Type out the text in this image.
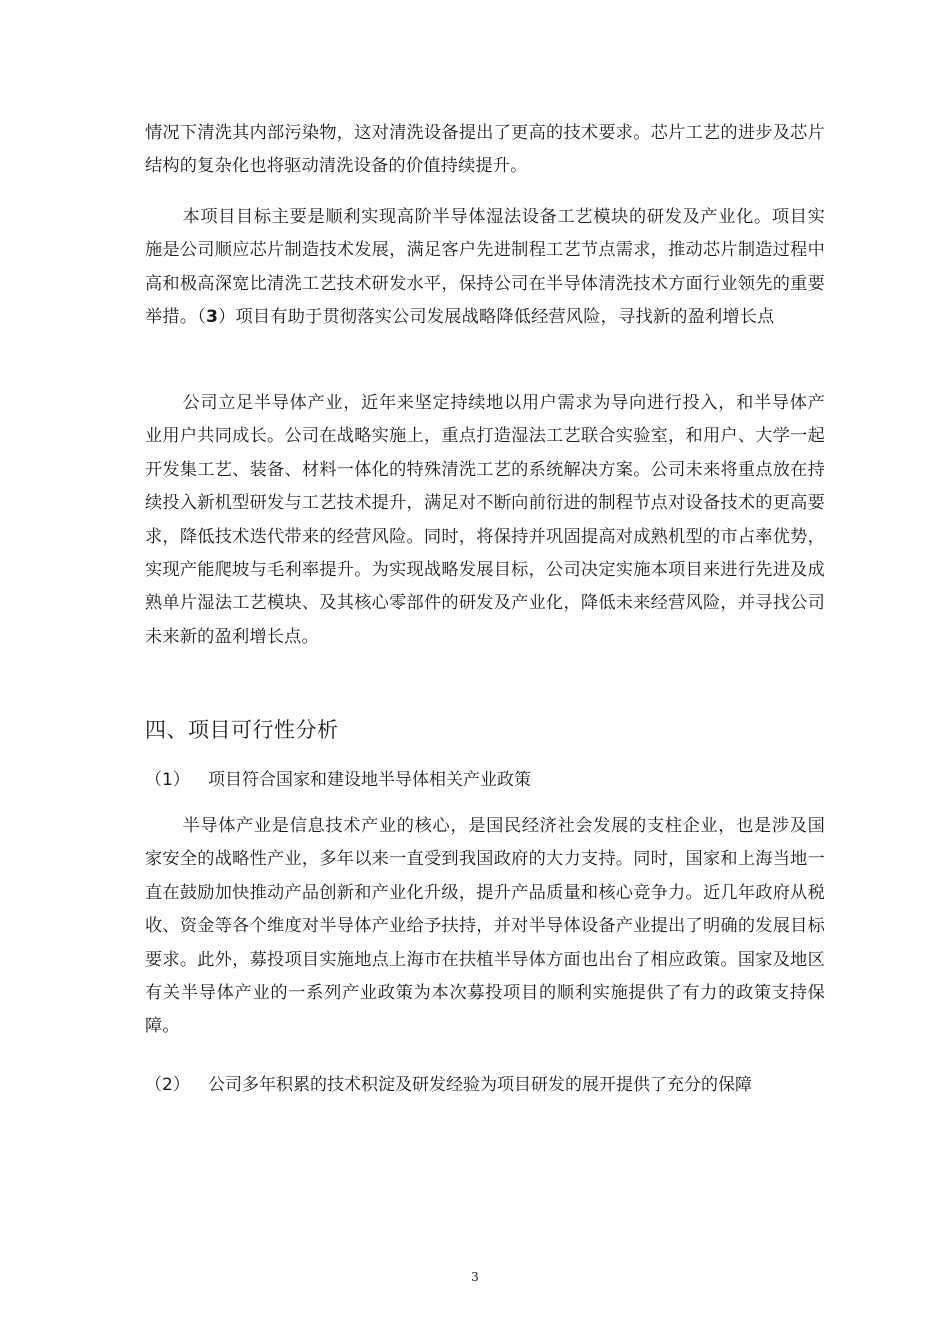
情况下清洗其内部污染物，这对清洗设备提出了更高的技术要求。芯片工艺的进步及芯片结构的复杂化也将驱动清洗设备的价值持续提升。

本项目目标主要是顺利实现高阶半导体湿法设备工艺模块的研发及产业化。项目实施是公司顺应芯片制造技术发展，满足客户先进制程工艺节点需求，推动芯片制造过程中高和极高深宽比清洗工艺技术研发水平，保持公司在半导体清洗技术方面行业领先的重要举措。（3）项目有助于贯彻落实公司发展战略降低经营风险，寻找新的盈利增长点

公司立足半导体产业，近年来坚定持续地以用户需求为导向进行投入，和半导体产业用户共同成长。公司在战略实施上，重点打造湿法工艺联合实验室，和用户、大学一起开发集工艺、装备、材料一体化的特殊清洗工艺的系统解决方案。公司未来将重点放在持续投入新机型研发与工艺技术提升，满足对不断向前衍进的制程节点对设备技术的更高要求，降低技术迭代带来的经营风险。同时，将保持并巩固提高对成熟机型的市占率优势，实现产能爬坡与毛利率提升。为实现战略发展目标，公司决定实施本项目来进行先进及成熟单片湿法工艺模块、及其核心零部件的研发及产业化，降低未来经营风险，并寻找公司未来新的盈利增长点。

四、项目可行性分析
（1） 项目符合国家和建设地半导体相关产业政策

半导体产业是信息技术产业的核心，是国民经济社会发展的支柱企业，也是涉及国家安全的战略性产业，多年以来一直受到我国政府的大力支持。同时，国家和上海当地一直在鼓励加快推动产品创新和产业化升级，提升产品质量和核心竞争力。近几年政府从税收、资金等各个维度对半导体产业给予扶持，并对半导体设备产业提出了明确的发展目标要求。此外，募投项目实施地点上海市在扶植半导体方面也出台了相应政策。国家及地区有关半导体产业的一系列产业政策为本次募投项目的顺利实施提供了有力的政策支持保障。

（2） 公司多年积累的技术积淀及研发经验为项目研发的展开提供了充分的保障
3
